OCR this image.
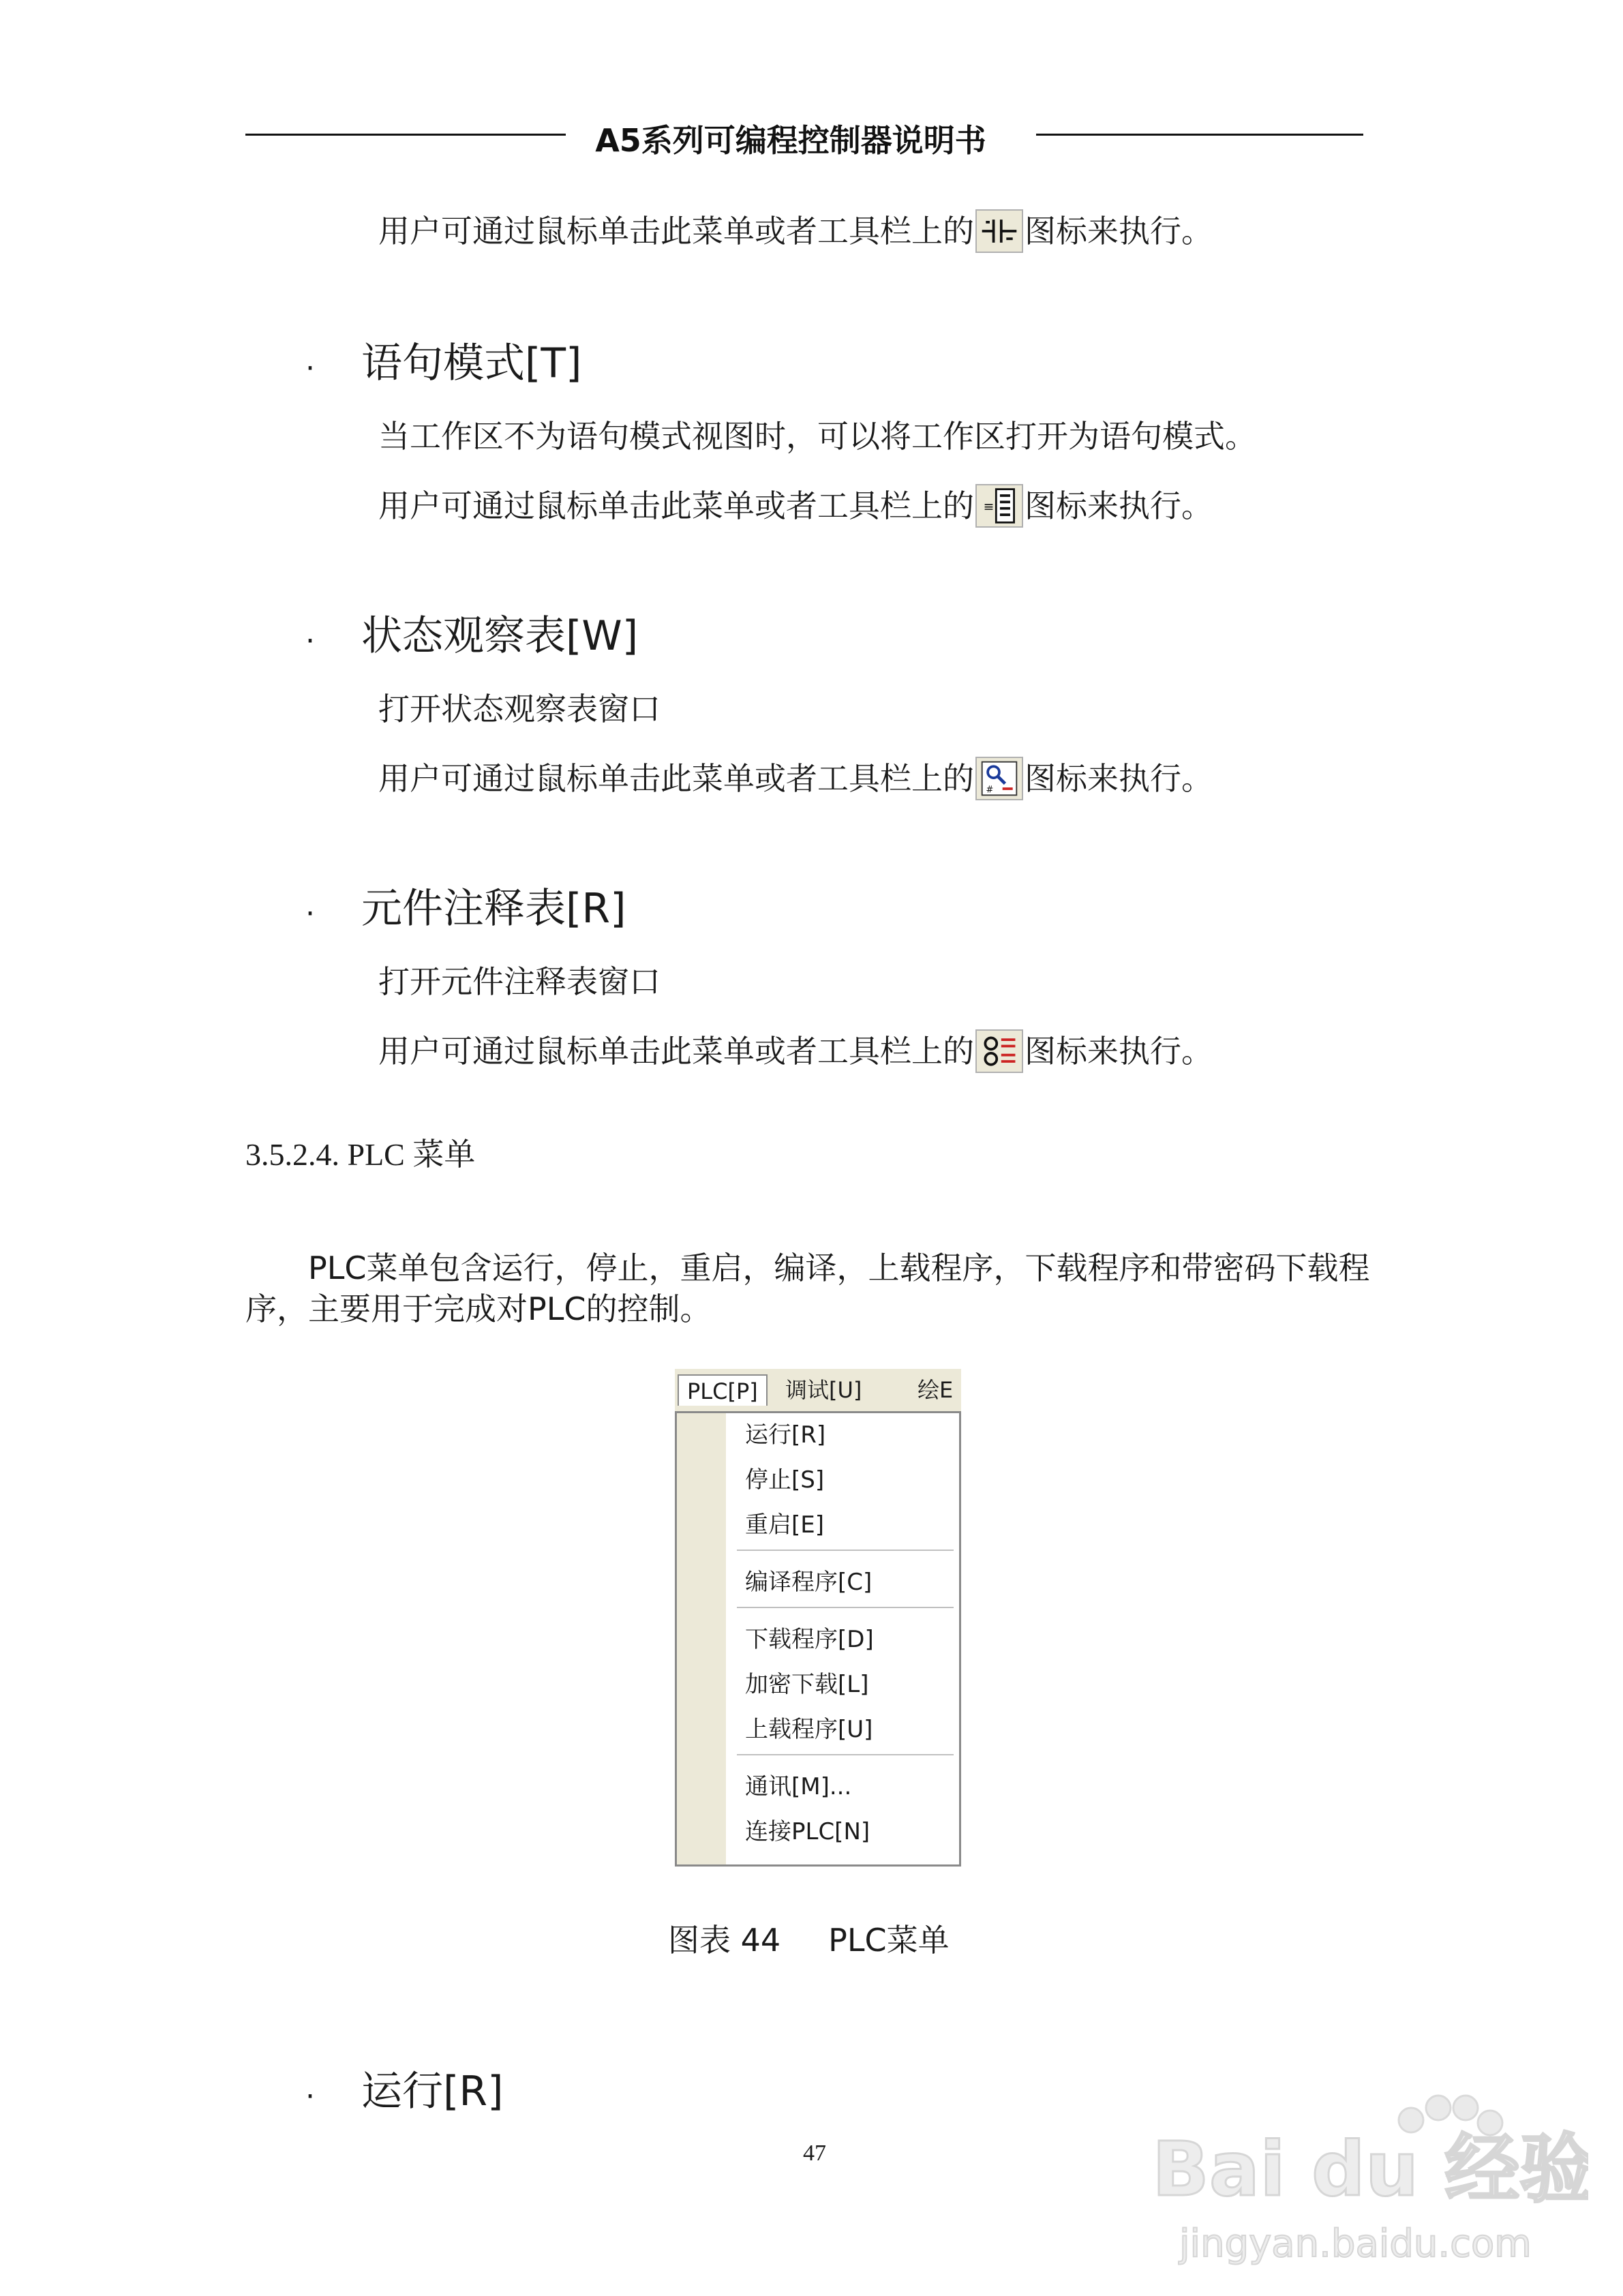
A5系列可编程控制器说明书
用户可通过鼠标单击此菜单或者工具栏上的 图标来执行。
· 语句模式[T]
当工作区不为语句模式视图时，可以将工作区打开为语句模式。
用户可通过鼠标单击此菜单或者工具栏上的 ≡ 图标来执行。
· 状态观察表[W]
打开状态观察表窗口
用户可通过鼠标单击此菜单或者工具栏上的 # 图标来执行。
· 元件注释表[R]
打开元件注释表窗口
用户可通过鼠标单击此菜单或者工具栏上的 图标来执行。
3.5.2.4. PLC 菜单
PLC菜单包含运行，停止，重启，编译，上载程序，下载程序和带密码下载程序，主要用于完成对PLC的控制。
PLC[P]	调试[U]	绘E
运行[R]
停止[S]
重启[E]
编译程序[C]
下载程序[D]
加密下载[L]
上载程序[U]
通讯[M]...
连接PLC[N]
图表 44 PLC菜单
· 运行[R]
47	Bai du 经验
jingyan.baidu.com
